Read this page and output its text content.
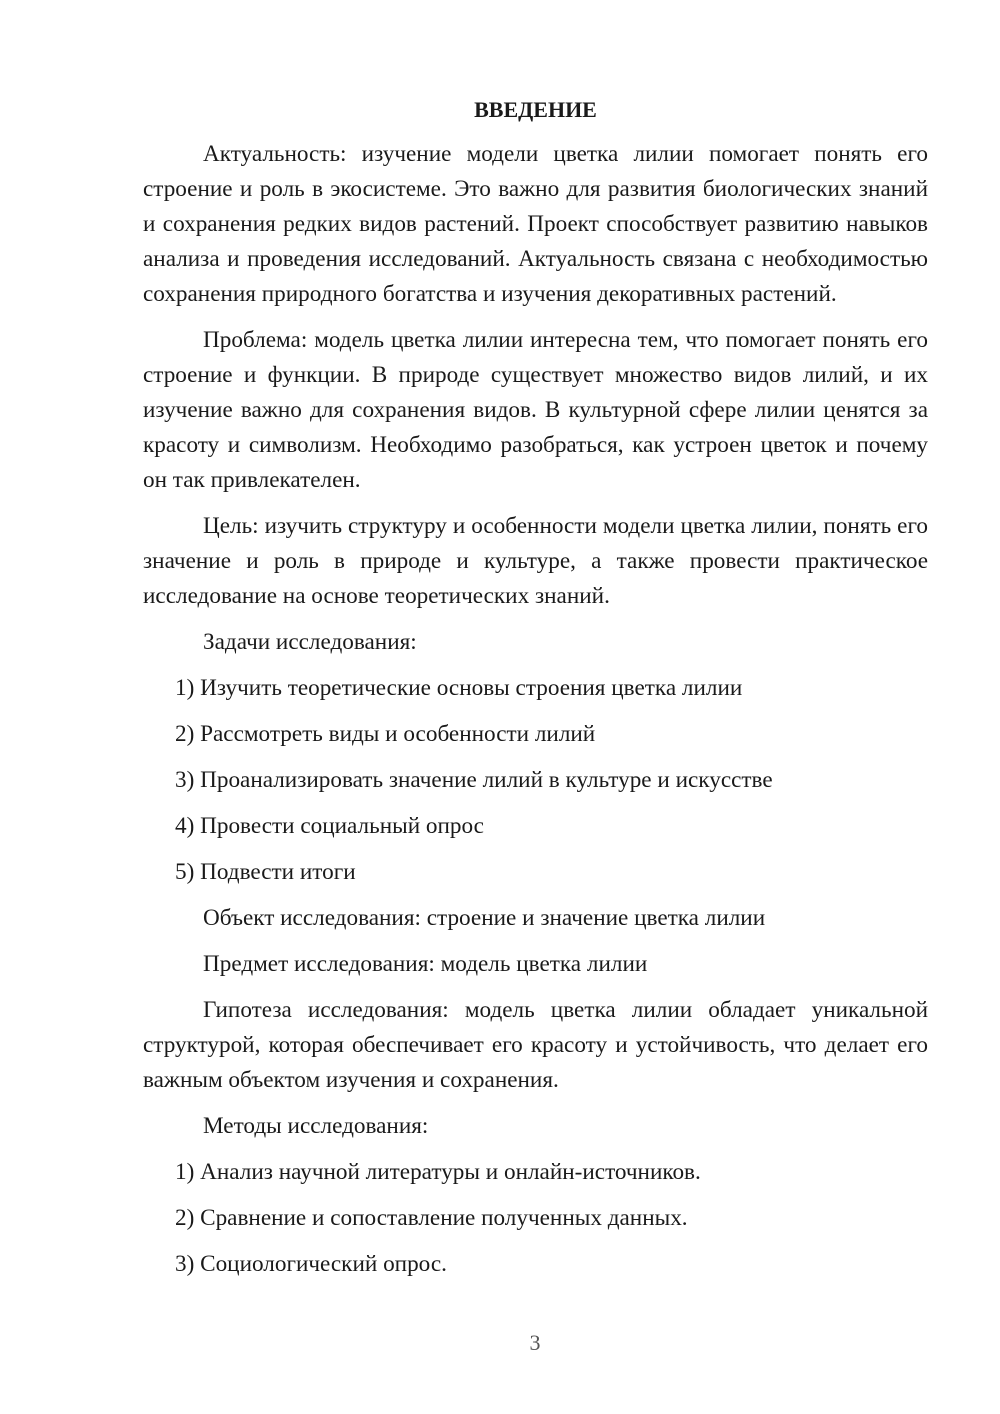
ВВЕДЕНИЕ

Актуальность: изучение модели цветка лилии помогает понять его строение и роль в экосистеме. Это важно для развития биологических знаний и сохранения редких видов растений. Проект способствует развитию навыков анализа и проведения исследований. Актуальность связана с необходимостью сохранения природного богатства и изучения декоративных растений.

Проблема: модель цветка лилии интересна тем, что помогает понять его строение и функции. В природе существует множество видов лилий, и их изучение важно для сохранения видов. В культурной сфере лилии ценятся за красоту и символизм. Необходимо разобраться, как устроен цветок и почему он так привлекателен.

Цель: изучить структуру и особенности модели цветка лилии, понять его значение и роль в природе и культуре, а также провести практическое исследование на основе теоретических знаний.

Задачи исследования:
1) Изучить теоретические основы строения цветка лилии
2) Рассмотреть виды и особенности лилий
3) Проанализировать значение лилий в культуре и искусстве
4) Провести социальный опрос
5) Подвести итоги
Объект исследования: строение и значение цветка лилии
Предмет исследования: модель цветка лилии

Гипотеза исследования: модель цветка лилии обладает уникальной структурой, которая обеспечивает его красоту и устойчивость, что делает его важным объектом изучения и сохранения.

Методы исследования:
1) Анализ научной литературы и онлайн-источников.
2) Сравнение и сопоставление полученных данных.
3) Социологический опрос.
3
